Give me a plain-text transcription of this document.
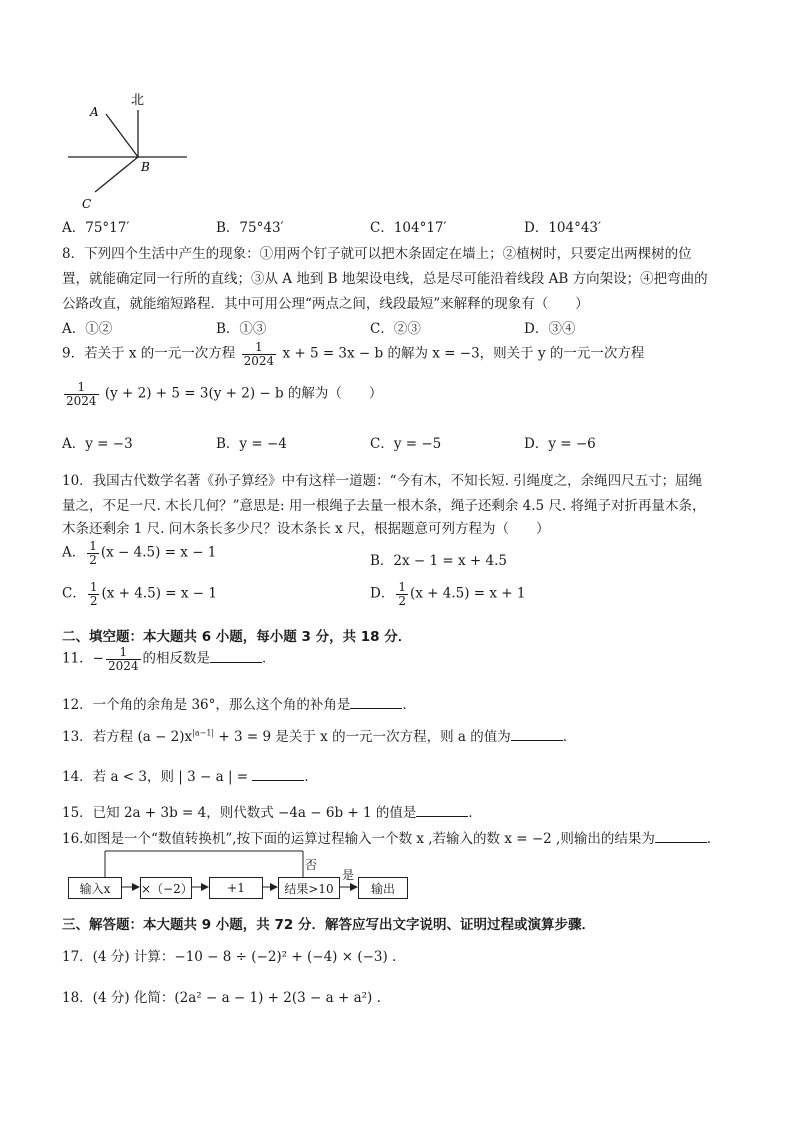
北
A
B
C
A．75°17′	B．75°43′	C．104°17′	D．104°43′
8．下列四个生活中产生的现象：①用两个钉子就可以把木条固定在墙上；②植树时，只要定出两棵树的位
置，就能确定同一行所的直线；③从 A 地到 B 地架设电线，总是尽可能沿着线段 AB 方向架设；④把弯曲的
公路改直，就能缩短路程．其中可用公理“两点之间，线段最短”来解释的现象有（　　）
A．①②	B．①③	C．②③	D．③④
9．若关于 x 的一元一次方程 $\frac{1}{2024}$ x + 5 = 3x − b 的解为 x = −3，则关于 y 的一元一次方程
$\frac{1}{2024} (y + 2) + 5 = 3(y + 2) - b$ 的解为（　　）
A．y = −3	B．y = −4	C．y = −5	D．y = −6
10．我国古代数学名著《孙子算经》中有这样一道题：“今有木，不知长短. 引绳度之，余绳四尺五寸；屈绳
量之，不足一尺. 木长几何？”意思是: 用一根绳子去量一根木条，绳子还剩余 4.5 尺. 将绳子对折再量木条，
木条还剩余 1 尺. 问木条长多少尺？设木条长 x 尺，根据题意可列方程为（　　）
A． $\frac{1}{2} (x - 4.5) = x - 1$
B．2x − 1 = x + 4.5
C． $\frac{1}{2} (x + 4.5) = x - 1$	D． $\frac{1}{2} (x + 4.5) = x + 1$
二、填空题：本大题共 6 小题，每小题 3 分，共 18 分．
11．− $\frac{1}{2024}$ 的相反数是	．
12．一个角的余角是 36°，那么这个角的补角是	．
13．若方程 $(a - 2)x^{|a-1|} + 3 = 9$ 是关于 x 的一元一次方程，则 a 的值为	．
14．若 a < 3，则 | 3 − a | =	．
15．已知 2a + 3b = 4，则代数式 −4a − 6b + 1 的值是	．
16.如图是一个“数值转换机”,按下面的运算过程输入一个数 x ,若输入的数 x = −2 ,则输出的结果为	．
输入x	×（−2）	+1	结果>10	输出
否
是
三、解答题：本大题共 9 小题，共 72 分．解答应写出文字说明、证明过程或演算步骤．
17．(4 分) 计算：−10 − 8 ÷ (−2)² + (−4) × (−3) .
18．(4 分) 化简：(2a² − a − 1) + 2(3 − a + a²) .
